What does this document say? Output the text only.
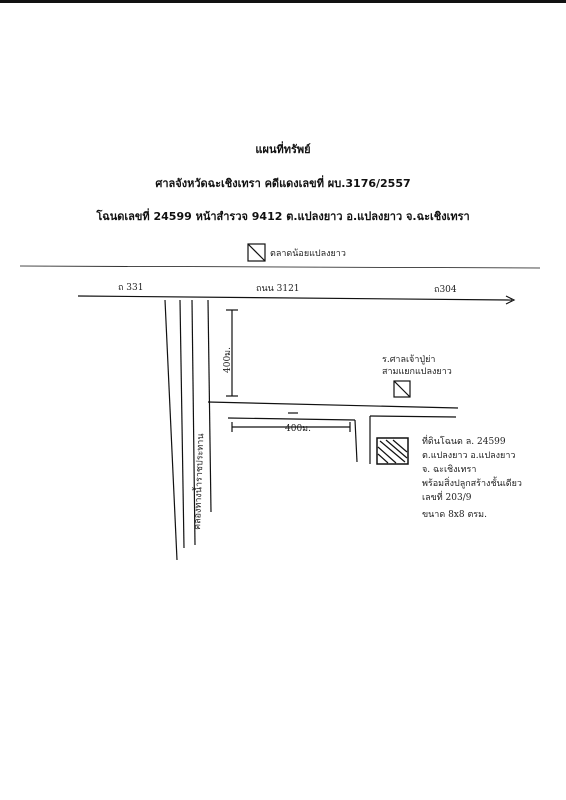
แผนที่ทรัพย์
ศาลจังหวัดฉะเชิงเทรา คดีแดงเลขที่ ผบ.3176/2557
โฉนดเลขที่ 24599 หน้าสำรวจ 9412 ต.แปลงยาว อ.แปลงยาว จ.ฉะเชิงเทรา
ตลาดน้อยแปลงยาว
ถ 331	ถนน 3121	ถ304
คลองทางน้ำราชประทาน
400ม.
400ม.
ร.ศาลเจ้าปู่ย่า
สามแยกแปลงยาว
ที่ดินโฉนด ล. 24599
ต.แปลงยาว อ.แปลงยาว
จ. ฉะเชิงเทรา
พร้อมสิ่งปลูกสร้างชั้นเดียว
เลขที่ 203/9
ขนาด 8x8 ตรม.
